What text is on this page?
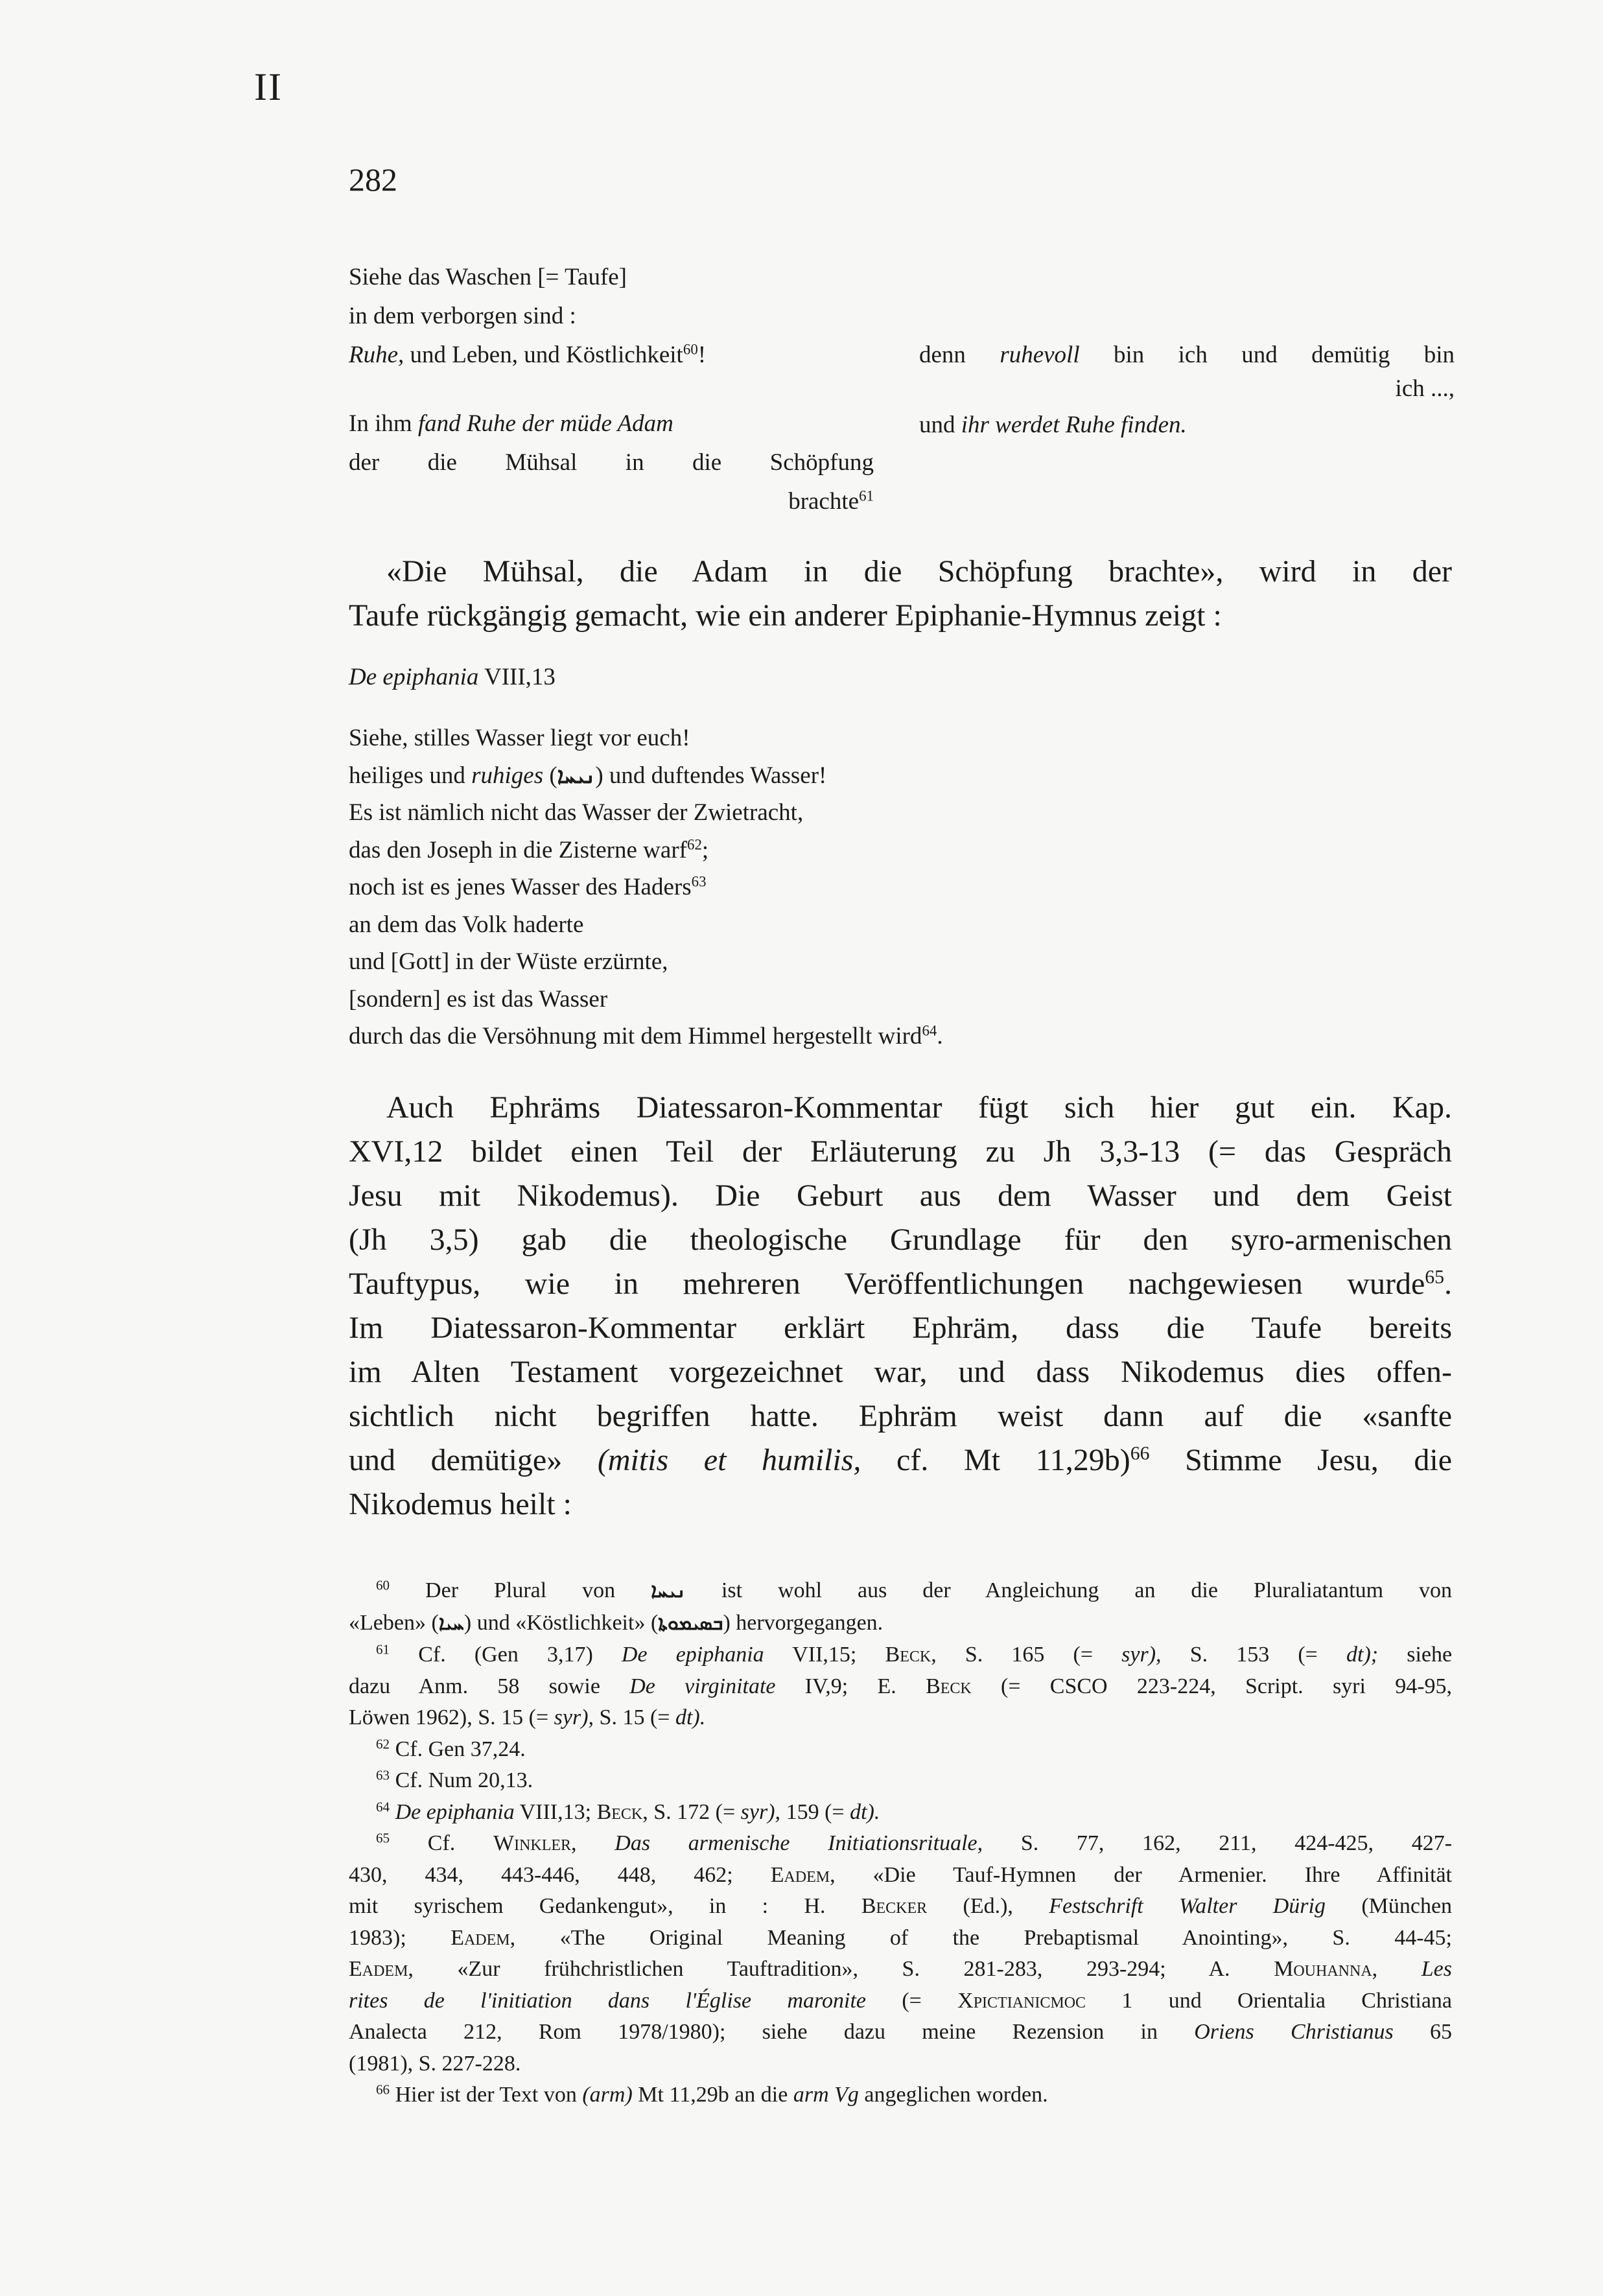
II
282
Siehe das Waschen [= Taufe]
in dem verborgen sind :
Ruhe, und Leben, und Köstlichkeit$^{60}$!
In ihm fand Ruhe der müde Adam
der die Mühsal in die Schöpfung
brachte$^{61}$
denn ruhevoll bin ich und demütig bin
ich ...,
und ihr werdet Ruhe finden.
«Die Mühsal, die Adam in die Schöpfung brachte», wird in der
Taufe rückgängig gemacht, wie ein anderer Epiphanie-Hymnus zeigt :
De epiphania VIII,13
Siehe, stilles Wasser liegt vor euch!
heiliges und ruhiges (ܢܝܚܐ) und duftendes Wasser!
Es ist nämlich nicht das Wasser der Zwietracht,
das den Joseph in die Zisterne warf$^{62}$;
noch ist es jenes Wasser des Haders$^{63}$
an dem das Volk haderte
und [Gott] in der Wüste erzürnte,
[sondern] es ist das Wasser
durch das die Versöhnung mit dem Himmel hergestellt wird$^{64}$.
Auch Ephräms Diatessaron-Kommentar fügt sich hier gut ein. Kap.
XVI,12 bildet einen Teil der Erläuterung zu Jh 3,3-13 (= das Gespräch
Jesu mit Nikodemus). Die Geburt aus dem Wasser und dem Geist
(Jh 3,5) gab die theologische Grundlage für den syro-armenischen
Tauftypus, wie in mehreren Veröffentlichungen nachgewiesen wurde$^{65}$.
Im Diatessaron-Kommentar erklärt Ephräm, dass die Taufe bereits
im Alten Testament vorgezeichnet war, und dass Nikodemus dies offen-
sichtlich nicht begriffen hatte. Ephräm weist dann auf die «sanfte
und demütige» (mitis et humilis, cf. Mt 11,29b)$^{66}$ Stimme Jesu, die
Nikodemus heilt :
$^{60}$ Der Plural von ܢܝܚܐ ist wohl aus der Angleichung an die Pluraliatantum von
«Leben» (ܚܝܐ) und «Köstlichkeit» (ܒܣܝܡܘܬܐ) hervorgegangen.
$^{61}$ Cf. (Gen 3,17) De epiphania VII,15; Beck, S. 165 (= syr), S. 153 (= dt); siehe
dazu Anm. 58 sowie De virginitate IV,9; E. Beck (= CSCO 223-224, Script. syri 94-95,
Löwen 1962), S. 15 (= syr), S. 15 (= dt).
$^{62}$ Cf. Gen 37,24.
$^{63}$ Cf. Num 20,13.
$^{64}$ De epiphania VIII,13; Beck, S. 172 (= syr), 159 (= dt).
$^{65}$ Cf. Winkler, Das armenische Initiationsrituale, S. 77, 162, 211, 424-425, 427-
430, 434, 443-446, 448, 462; Eadem, «Die Tauf-Hymnen der Armenier. Ihre Affinität
mit syrischem Gedankengut», in : H. Becker (Ed.), Festschrift Walter Dürig (München
1983); Eadem, «The Original Meaning of the Prebaptismal Anointing», S. 44-45;
Eadem, «Zur frühchristlichen Tauftradition», S. 281-283, 293-294; A. Mouhanna, Les
rites de l'initiation dans l'Église maronite (= Xpictianicmoc 1 und Orientalia Christiana
Analecta 212, Rom 1978/1980); siehe dazu meine Rezension in Oriens Christianus 65
(1981), S. 227-228.
$^{66}$ Hier ist der Text von (arm) Mt 11,29b an die arm Vg angeglichen worden.
